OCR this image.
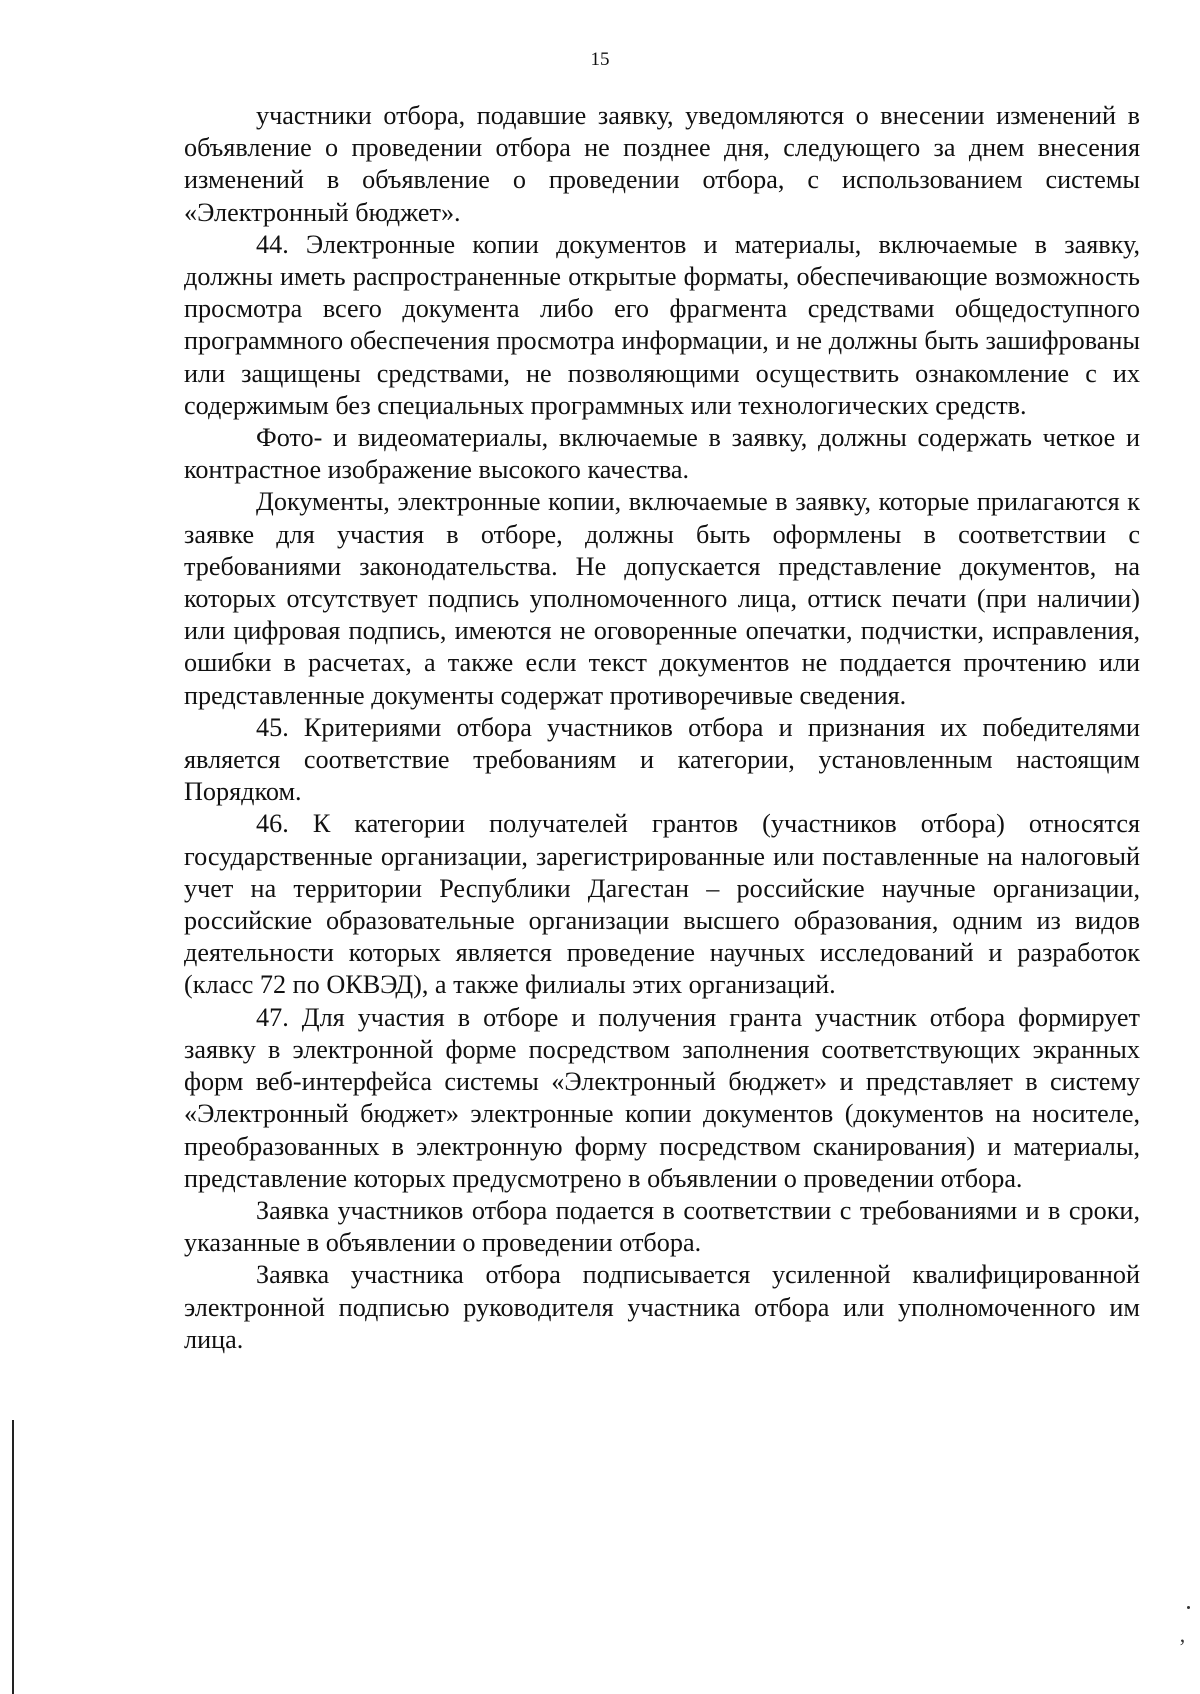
15

участники отбора, подавшие заявку, уведомляются о внесении изменений в объявление о проведении отбора не позднее дня, следующего за днем внесения изменений в объявление о проведении отбора, с использованием системы «Электронный бюджет».

44. Электронные копии документов и материалы, включаемые в заявку, должны иметь распространенные открытые форматы, обеспечивающие возможность просмотра всего документа либо его фрагмента средствами общедоступного программного обеспечения просмотра информации, и не должны быть зашифрованы или защищены средствами, не позволяющими осуществить ознакомление с их содержимым без специальных программных или технологических средств.

Фото- и видеоматериалы, включаемые в заявку, должны содержать четкое и контрастное изображение высокого качества.

Документы, электронные копии, включаемые в заявку, которые прилагаются к заявке для участия в отборе, должны быть оформлены в соответствии с требованиями законодательства. Не допускается представление документов, на которых отсутствует подпись уполномоченного лица, оттиск печати (при наличии) или цифровая подпись, имеются не оговоренные опечатки, подчистки, исправления, ошибки в расчетах, а также если текст документов не поддается прочтению или представленные документы содержат противоречивые сведения.

45. Критериями отбора участников отбора и признания их победителями является соответствие требованиям и категории, установленным настоящим Порядком.

46. К категории получателей грантов (участников отбора) относятся государственные организации, зарегистрированные или поставленные на налоговый учет на территории Республики Дагестан – российские научные организации, российские образовательные организации высшего образования, одним из видов деятельности которых является проведение научных исследований и разработок (класс 72 по ОКВЭД), а также филиалы этих организаций.

47. Для участия в отборе и получения гранта участник отбора формирует заявку в электронной форме посредством заполнения соответствующих экранных форм веб-интерфейса системы «Электронный бюджет» и представляет в систему «Электронный бюджет» электронные копии документов (документов на носителе, преобразованных в электронную форму посредством сканирования) и материалы, представление которых предусмотрено в объявлении о проведении отбора.

Заявка участников отбора подается в соответствии с требованиями и в сроки, указанные в объявлении о проведении отбора.

Заявка участника отбора подписывается усиленной квалифицированной электронной подписью руководителя участника отбора или уполномоченного им лица.

’
